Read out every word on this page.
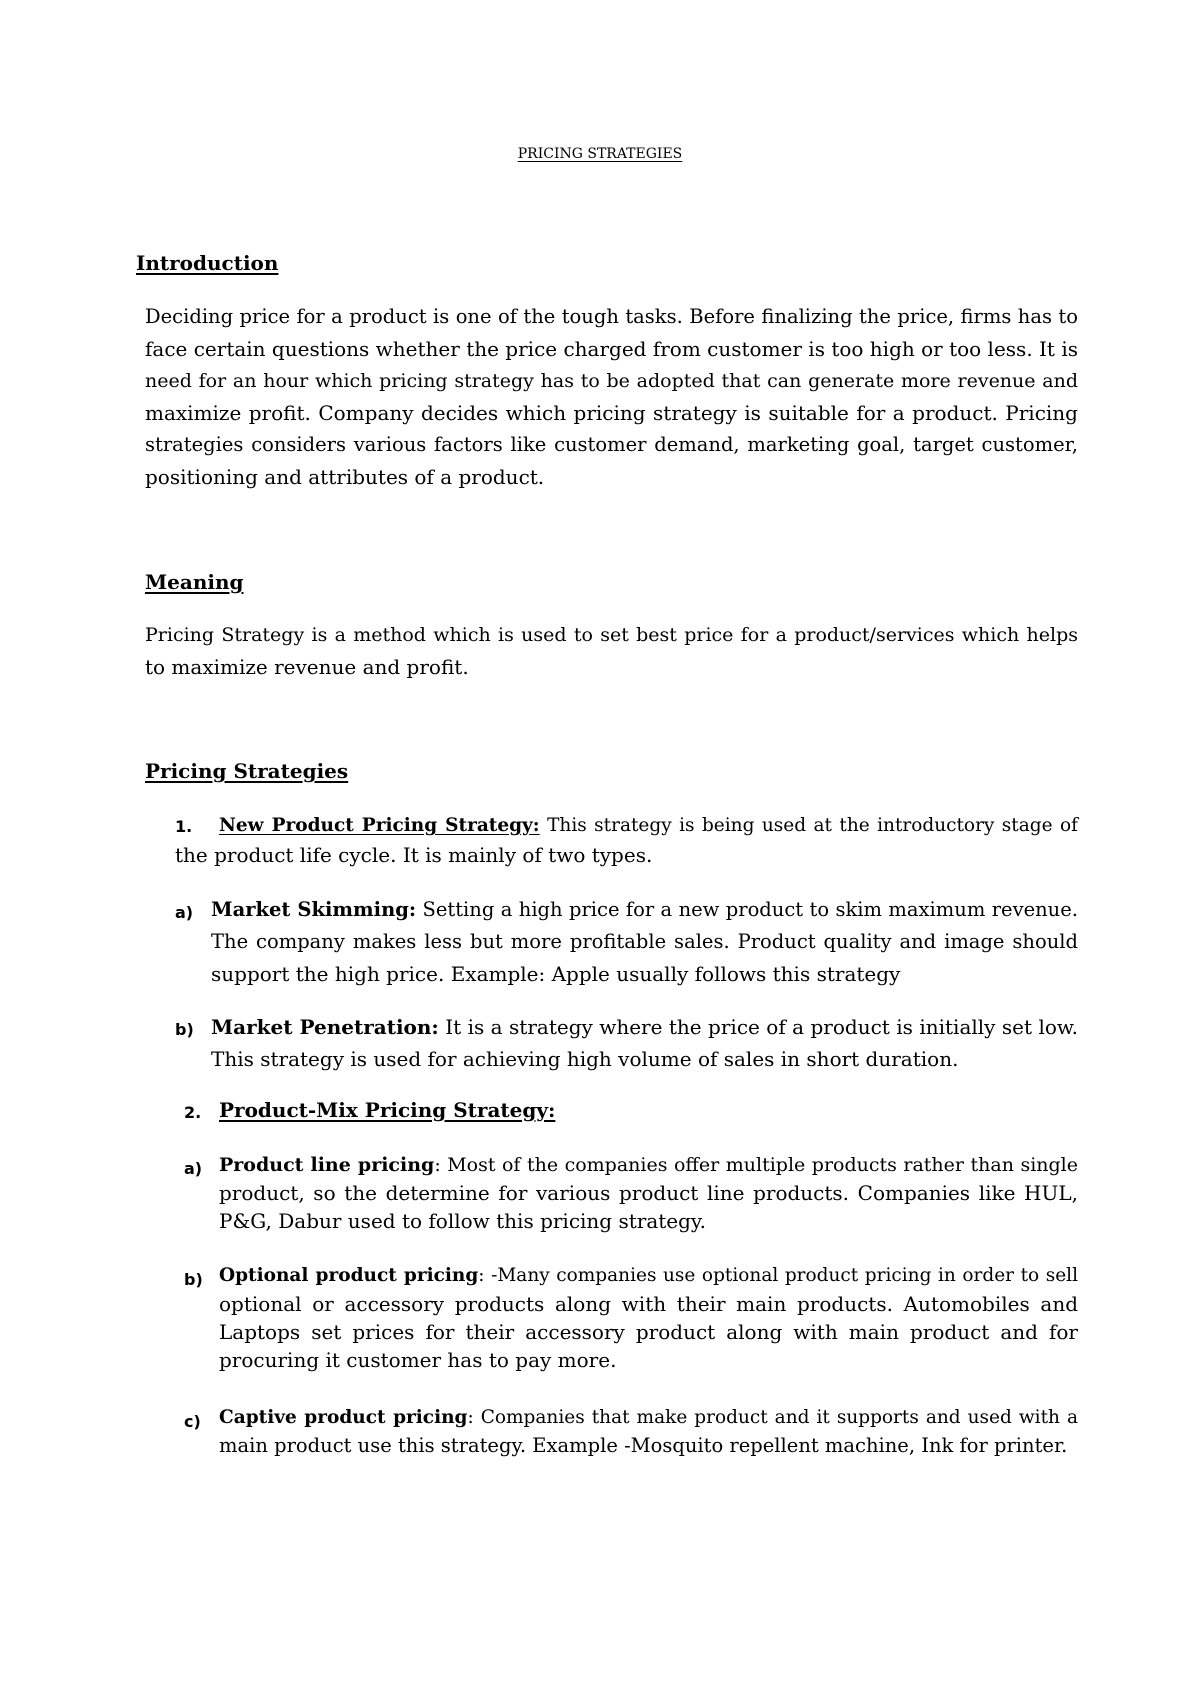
PRICING STRATEGIES
Introduction
Deciding price for a product is one of the tough tasks. Before finalizing the price, firms has to
face certain questions whether the price charged from customer is too high or too less. It is
need for an hour which pricing strategy has to be adopted that can generate more revenue and
maximize profit. Company decides which pricing strategy is suitable for a product. Pricing
strategies considers various factors like customer demand, marketing goal, target customer,
positioning and attributes of a product.
Meaning
Pricing Strategy is a method which is used to set best price for a product/services which helps
to maximize revenue and profit.
Pricing Strategies
1. New Product Pricing Strategy: This strategy is being used at the introductory stage of
the product life cycle. It is mainly of two types.
a) Market Skimming: Setting a high price for a new product to skim maximum revenue.
The company makes less but more profitable sales. Product quality and image should
support the high price. Example: Apple usually follows this strategy
b) Market Penetration: It is a strategy where the price of a product is initially set low.
This strategy is used for achieving high volume of sales in short duration.
2. Product-Mix Pricing Strategy:
a) Product line pricing: Most of the companies offer multiple products rather than single
product, so the determine for various product line products. Companies like HUL,
P&G, Dabur used to follow this pricing strategy.
b) Optional product pricing: -Many companies use optional product pricing in order to sell
optional or accessory products along with their main products. Automobiles and
Laptops set prices for their accessory product along with main product and for
procuring it customer has to pay more.
c) Captive product pricing: Companies that make product and it supports and used with a
main product use this strategy. Example -Mosquito repellent machine, Ink for printer.
